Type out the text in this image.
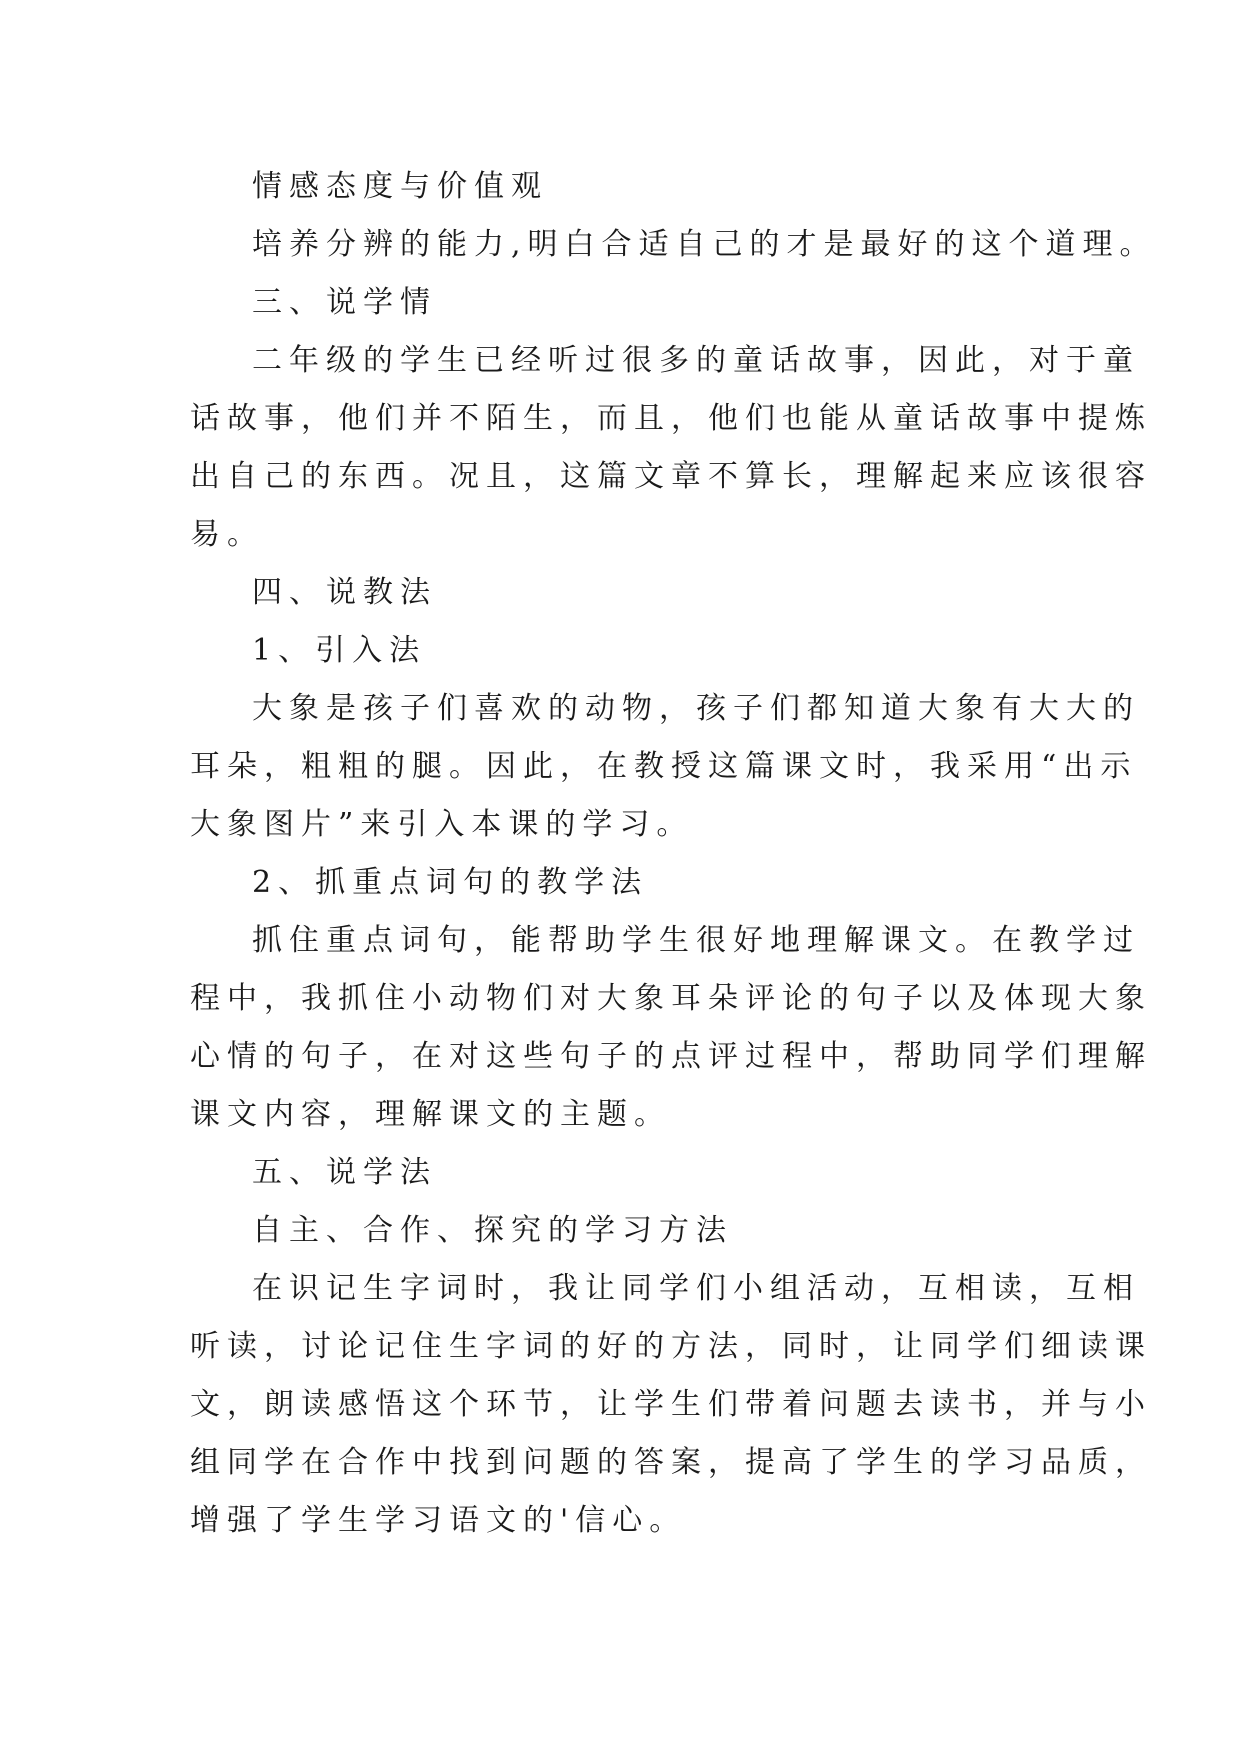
情感态度与价值观

培养分辨的能力,明白合适自己的才是最好的这个道理。

三、说学情

二年级的学生已经听过很多的童话故事，因此，对于童
话故事，他们并不陌生，而且，他们也能从童话故事中提炼
出自己的东西。况且，这篇文章不算长，理解起来应该很容
易。

四、说教法

1、引入法

大象是孩子们喜欢的动物，孩子们都知道大象有大大的
耳朵，粗粗的腿。因此，在教授这篇课文时，我采用“出示
大象图片”来引入本课的学习。

2、抓重点词句的教学法

抓住重点词句，能帮助学生很好地理解课文。在教学过
程中，我抓住小动物们对大象耳朵评论的句子以及体现大象
心情的句子，在对这些句子的点评过程中，帮助同学们理解
课文内容，理解课文的主题。

五、说学法

自主、合作、探究的学习方法

在识记生字词时，我让同学们小组活动，互相读，互相
听读，讨论记住生字词的好的方法，同时，让同学们细读课
文，朗读感悟这个环节，让学生们带着问题去读书，并与小
组同学在合作中找到问题的答案，提高了学生的学习品质，
增强了学生学习语文的'信心。
